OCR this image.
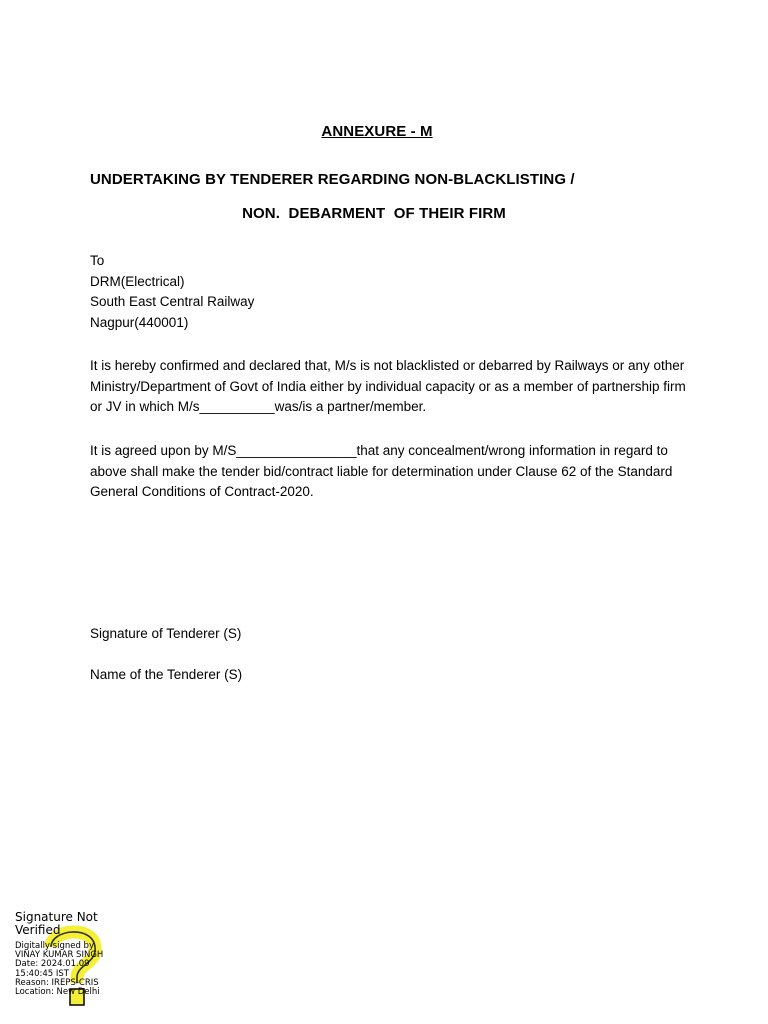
ANNEXURE - M
UNDERTAKING BY TENDERER REGARDING NON-BLACKLISTING /
NON.  DEBARMENT  OF THEIR FIRM
To
DRM(Electrical)
South East Central Railway
Nagpur(440001)
It is hereby confirmed and declared that, M/s is not blacklisted or debarred by Railways or any other Ministry/Department of Govt of India either by individual capacity or as a member of partnership firm or JV in which M/s__________was/is a partner/member.
It is agreed upon by M/S________________that any concealment/wrong information in regard to above shall make the tender bid/contract liable for determination under Clause 62 of the Standard General Conditions of Contract-2020.
Signature of Tenderer (S)
Name of the Tenderer (S)
Signature Not
Verified
Digitally signed by
VINAY KUMAR SINGH
Date: 2024.01.09
15:40:45 IST
Reason: IREPS-CRIS
Location: New Delhi
